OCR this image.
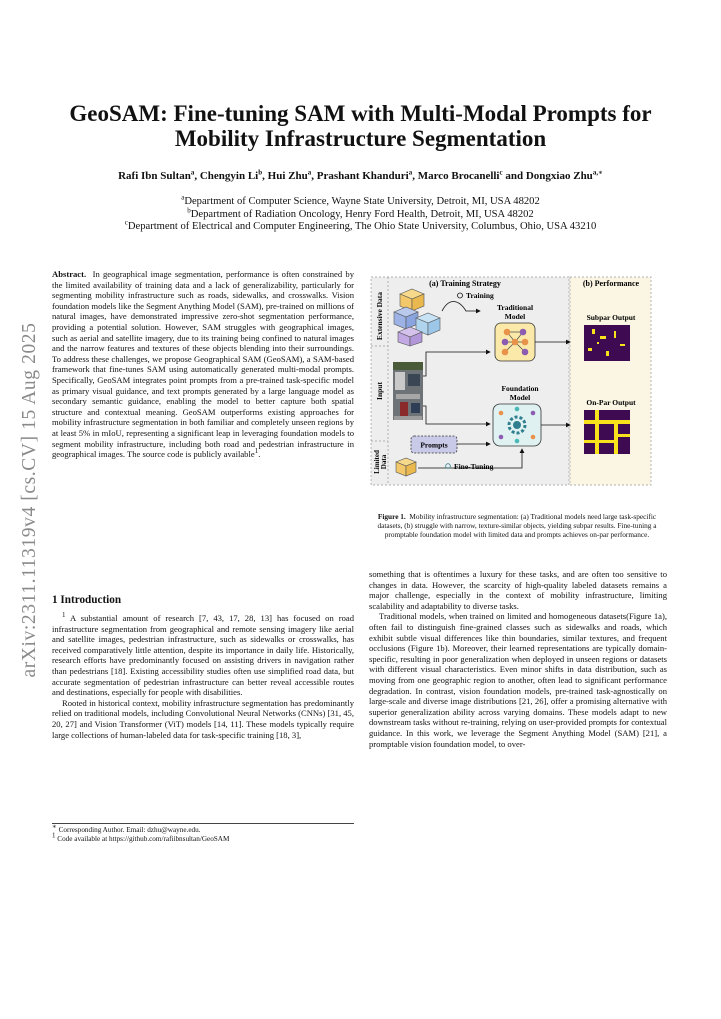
arXiv:2311.11319v4 [cs.CV] 15 Aug 2025
GeoSAM: Fine-tuning SAM with Multi-Modal Prompts for Mobility Infrastructure Segmentation
Rafi Ibn Sultan$^a$, Chengyin Li$^b$, Hui Zhu$^a$, Prashant Khanduri$^a$, Marco Brocanelli$^c$ and Dongxiao Zhu$^{a,∗}$
$^a$Department of Computer Science, Wayne State University, Detroit, MI, USA 48202
$^b$Department of Radiation Oncology, Henry Ford Health, Detroit, MI, USA 48202
$^c$Department of Electrical and Computer Engineering, The Ohio State University, Columbus, Ohio, USA 43210

Abstract. In geographical image segmentation, performance is often constrained by the limited availability of training data and a lack of generalizability, particularly for segmenting mobility infrastructure such as roads, sidewalks, and crosswalks. Vision foundation models like the Segment Anything Model (SAM), pre-trained on millions of natural images, have demonstrated impressive zero-shot segmentation performance, providing a potential solution. However, SAM struggles with geographical images, such as aerial and satellite imagery, due to its training being confined to natural images and the narrow features and textures of these objects blending into their surroundings. To address these challenges, we propose Geographical SAM (GeoSAM), a SAM-based framework that fine-tunes SAM using automatically generated multi-modal prompts. Specifically, GeoSAM integrates point prompts from a pre-trained task-specific model as primary visual guidance, and text prompts generated by a large language model as secondary semantic guidance, enabling the model to better capture both spatial structure and contextual meaning. GeoSAM outperforms existing approaches for mobility infrastructure segmentation in both familiar and completely unseen regions by at least 5% in mIoU, representing a significant leap in leveraging foundation models to segment mobility infrastructure, including both road and pedestrian infrastructure in geographical images. The source code is publicly available$^1$.

1 Introduction

$^1$ A substantial amount of research [7, 43, 17, 28, 13] has focused on road infrastructure segmentation from geographical and remote sensing imagery like aerial and satellite images, pedestrian infrastructure, such as sidewalks or crosswalks, has received comparatively little attention, despite its importance in daily life. Historically, research efforts have predominantly focused on assisting drivers in navigation rather than pedestrians [18]. Existing accessibility studies often use simplified road data, but accurate segmentation of pedestrian infrastructure can better reveal accessible routes and destinations, especially for people with disabilities.

Rooted in historical context, mobility infrastructure segmentation has predominantly relied on traditional models, including Convolutional Neural Networks (CNNs) [31, 45, 20, 27] and Vision Transformer (ViT) models [14, 11]. These models typically require large collections of human-labeled data for task-specific training [18, 3],

∗ Corresponding Author. Email: dzhu@wayne.edu.

$^1$ Code available at https://github.com/rafiibnsultan/GeoSAM

(a) Training Strategy	(b) Performance
Extensive Data
Input
Limited Data
Training
Traditional
Model
Foundation
Model
Prompts
Fine-Tuning
Subpar Output
On-Par Output
Figure 1. Mobility infrastructure segmentation: (a) Traditional models need large task-specific datasets, (b) struggle with narrow, texture-similar objects, yielding subpar results. Fine-tuning a promptable foundation model with limited data and prompts achieves on-par performance.

something that is oftentimes a luxury for these tasks, and are often too sensitive to changes in data. However, the scarcity of high-quality labeled datasets remains a major challenge, especially in the context of mobility infrastructure, limiting scalability and adaptability to diverse tasks.

Traditional models, when trained on limited and homogeneous datasets(Figure 1a), often fail to distinguish fine-grained classes such as sidewalks and roads, which exhibit subtle visual differences like thin boundaries, similar textures, and frequent occlusions (Figure 1b). Moreover, their learned representations are typically domain-specific, resulting in poor generalization when deployed in unseen regions or datasets with different visual characteristics. Even minor shifts in data distribution, such as moving from one geographic region to another, often lead to significant performance degradation. In contrast, vision foundation models, pre-trained task-agnostically on large-scale and diverse image distributions [21, 26], offer a promising alternative with superior generalization ability across varying domains. These models adapt to new downstream tasks without re-training, relying on user-provided prompts for contextual guidance. In this work, we leverage the Segment Anything Model (SAM) [21], a promptable vision foundation model, to over-
